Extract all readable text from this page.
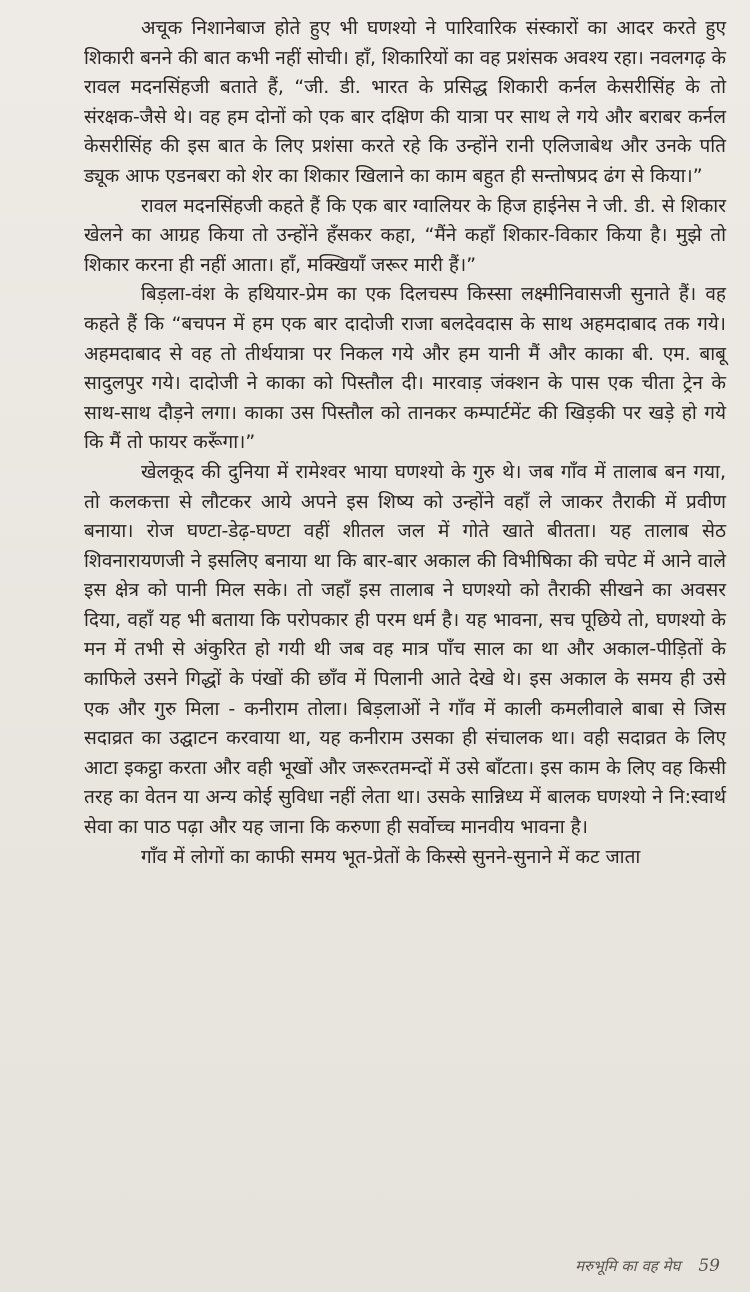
अचूक निशानेबाज होते हुए भी घणश्यो ने पारिवारिक संस्कारों का आदर करते हुए शिकारी बनने की बात कभी नहीं सोची। हाँ, शिकारियों का वह प्रशंसक अवश्य रहा। नवलगढ़ के रावल मदनसिंहजी बताते हैं, “जी. डी. भारत के प्रसिद्ध शिकारी कर्नल केसरीसिंह के तो संरक्षक-जैसे थे। वह हम दोनों को एक बार दक्षिण की यात्रा पर साथ ले गये और बराबर कर्नल केसरीसिंह की इस बात के लिए प्रशंसा करते रहे कि उन्होंने रानी एलिजाबेथ और उनके पति ड्यूक आफ एडनबरा को शेर का शिकार खिलाने का काम बहुत ही सन्तोषप्रद ढंग से किया।”

रावल मदनसिंहजी कहते हैं कि एक बार ग्वालियर के हिज हाईनेस ने जी. डी. से शिकार खेलने का आग्रह किया तो उन्होंने हँसकर कहा, “मैंने कहाँ शिकार-विकार किया है। मुझे तो शिकार करना ही नहीं आता। हाँ, मक्खियाँ जरूर मारी हैं।”

बिड़ला-वंश के हथियार-प्रेम का एक दिलचस्प किस्सा लक्ष्मीनिवासजी सुनाते हैं। वह कहते हैं कि “बचपन में हम एक बार दादोजी राजा बलदेवदास के साथ अहमदाबाद तक गये। अहमदाबाद से वह तो तीर्थयात्रा पर निकल गये और हम यानी मैं और काका बी. एम. बाबू सादुलपुर गये। दादोजी ने काका को पिस्तौल दी। मारवाड़ जंक्शन के पास एक चीता ट्रेन के साथ-साथ दौड़ने लगा। काका उस पिस्तौल को तानकर कम्पार्टमेंट की खिड़की पर खड़े हो गये कि मैं तो फायर करूँगा।”

खेलकूद की दुनिया में रामेश्वर भाया घणश्यो के गुरु थे। जब गाँव में तालाब बन गया, तो कलकत्ता से लौटकर आये अपने इस शिष्य को उन्होंने वहाँ ले जाकर तैराकी में प्रवीण बनाया। रोज घण्टा-डेढ़-घण्टा वहीं शीतल जल में गोते खाते बीतता। यह तालाब सेठ शिवनारायणजी ने इसलिए बनाया था कि बार-बार अकाल की विभीषिका की चपेट में आने वाले इस क्षेत्र को पानी मिल सके। तो जहाँ इस तालाब ने घणश्यो को तैराकी सीखने का अवसर दिया, वहाँ यह भी बताया कि परोपकार ही परम धर्म है। यह भावना, सच पूछिये तो, घणश्यो के मन में तभी से अंकुरित हो गयी थी जब वह मात्र पाँच साल का था और अकाल-पीड़ितों के काफिले उसने गिद्धों के पंखों की छाँव में पिलानी आते देखे थे। इस अकाल के समय ही उसे एक और गुरु मिला - कनीराम तोला। बिड़लाओं ने गाँव में काली कमलीवाले बाबा से जिस सदाव्रत का उद्घाटन करवाया था, यह कनीराम उसका ही संचालक था। वही सदाव्रत के लिए आटा इकट्ठा करता और वही भूखों और जरूरतमन्दों में उसे बाँटता। इस काम के लिए वह किसी तरह का वेतन या अन्य कोई सुविधा नहीं लेता था। उसके सान्निध्य में बालक घणश्यो ने नि:स्वार्थ सेवा का पाठ पढ़ा और यह जाना कि करुणा ही सर्वोच्च मानवीय भावना है।

गाँव में लोगों का काफी समय भूत-प्रेतों के किस्से सुनने-सुनाने में कट जाता

मरुभूमि का वह मेघ 59
